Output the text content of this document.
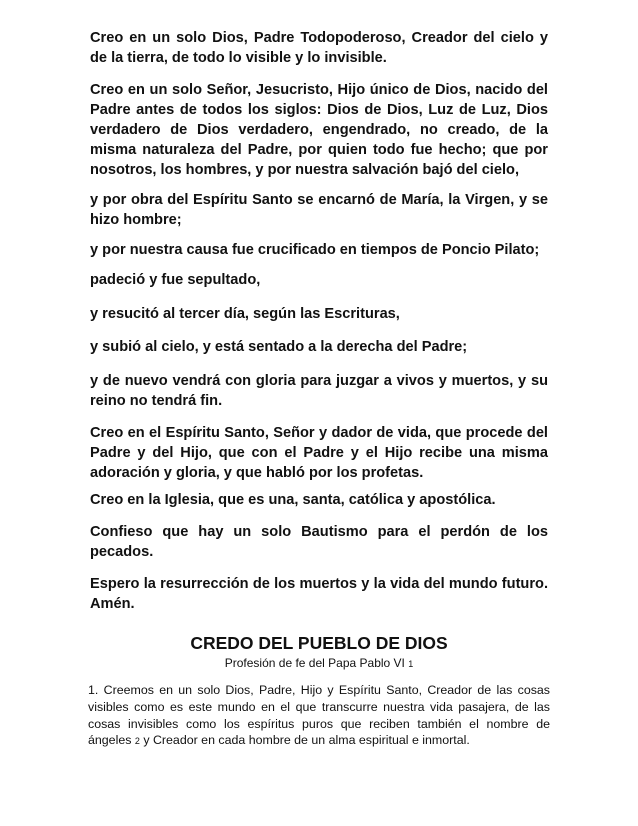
Creo en un solo Dios, Padre Todopoderoso, Creador del cielo y de la tierra, de todo lo visible y lo invisible.

Creo en un solo Señor, Jesucristo, Hijo único de Dios, nacido del Padre antes de todos los siglos: Dios de Dios, Luz de Luz, Dios verdadero de Dios verdadero, engendrado, no creado, de la misma naturaleza del Padre, por quien todo fue hecho; que por nosotros, los hombres, y por nuestra salvación bajó del cielo,

y por obra del Espíritu Santo se encarnó de María, la Virgen, y se hizo hombre;

y por nuestra causa fue crucificado en tiempos de Poncio Pilato;

padeció y fue sepultado,

y resucitó al tercer día, según las Escrituras,

y subió al cielo, y está sentado a la derecha del Padre;

y de nuevo vendrá con gloria para juzgar a vivos y muertos, y su reino no tendrá fin.

Creo en el Espíritu Santo, Señor y dador de vida, que procede del Padre y del Hijo, que con el Padre y el Hijo recibe una misma adoración y gloria, y que habló por los profetas.

Creo en la Iglesia, que es una, santa, católica y apostólica.

Confieso que hay un solo Bautismo para el perdón de los pecados.

Espero la resurrección de los muertos y la vida del mundo futuro. Amén.

CREDO DEL PUEBLO DE DIOS

Profesión de fe del Papa Pablo VI 1

1. Creemos en un solo Dios, Padre, Hijo y Espíritu Santo, Creador de las cosas visibles como es este mundo en el que transcurre nuestra vida pasajera, de las cosas invisibles como los espíritus puros que reciben también el nombre de ángeles 2 y Creador en cada hombre de un alma espiritual e inmortal.
